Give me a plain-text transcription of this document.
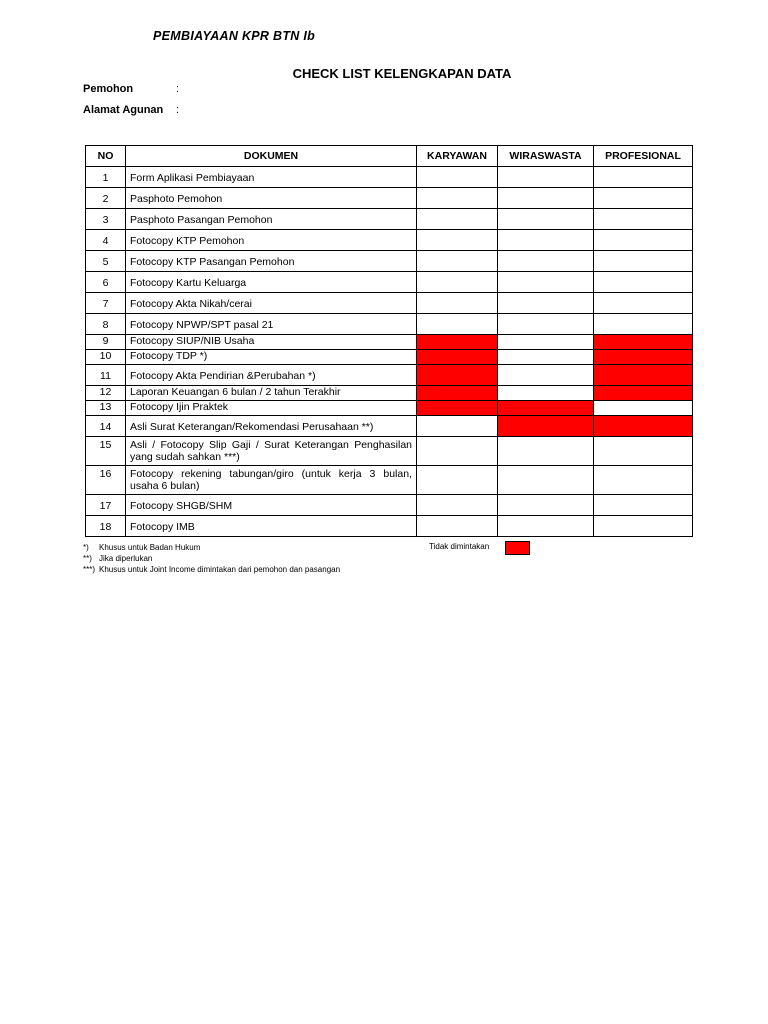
PEMBIAYAAN KPR BTN Ib
CHECK LIST KELENGKAPAN DATA
Pemohon	:
Alamat Agunan :
NO	DOKUMEN	KARYAWAN	WIRASWASTA	PROFESIONAL
1	Form Aplikasi Pembiayaan			
2	Pasphoto Pemohon			
3	Pasphoto Pasangan Pemohon			
4	Fotocopy KTP Pemohon			
5	Fotocopy KTP Pasangan Pemohon			
6	Fotocopy Kartu Keluarga			
7	Fotocopy Akta Nikah/cerai			
8	Fotocopy NPWP/SPT pasal 21			
9	Fotocopy SIUP/NIB Usaha			
10	Fotocopy TDP *)			
11	Fotocopy Akta Pendirian &Perubahan *)			
12	Laporan Keuangan 6 bulan / 2 tahun Terakhir			
13	Fotocopy Ijin Praktek			
14	Asli Surat Keterangan/Rekomendasi Perusahaan **)			
15	Asli / Fotocopy Slip Gaji / Surat Keterangan Penghasilan yang sudah sahkan ***)			
16	Fotocopy rekening tabungan/giro (untuk kerja 3 bulan, usaha 6 bulan)			
17	Fotocopy SHGB/SHM			
18	Fotocopy IMB			
*) Khusus untuk Badan Hukum
**) Jika diperlukan
***) Khusus untuk Joint Income dimintakan dari pemohon dan pasangan
Tidak dimintakan
